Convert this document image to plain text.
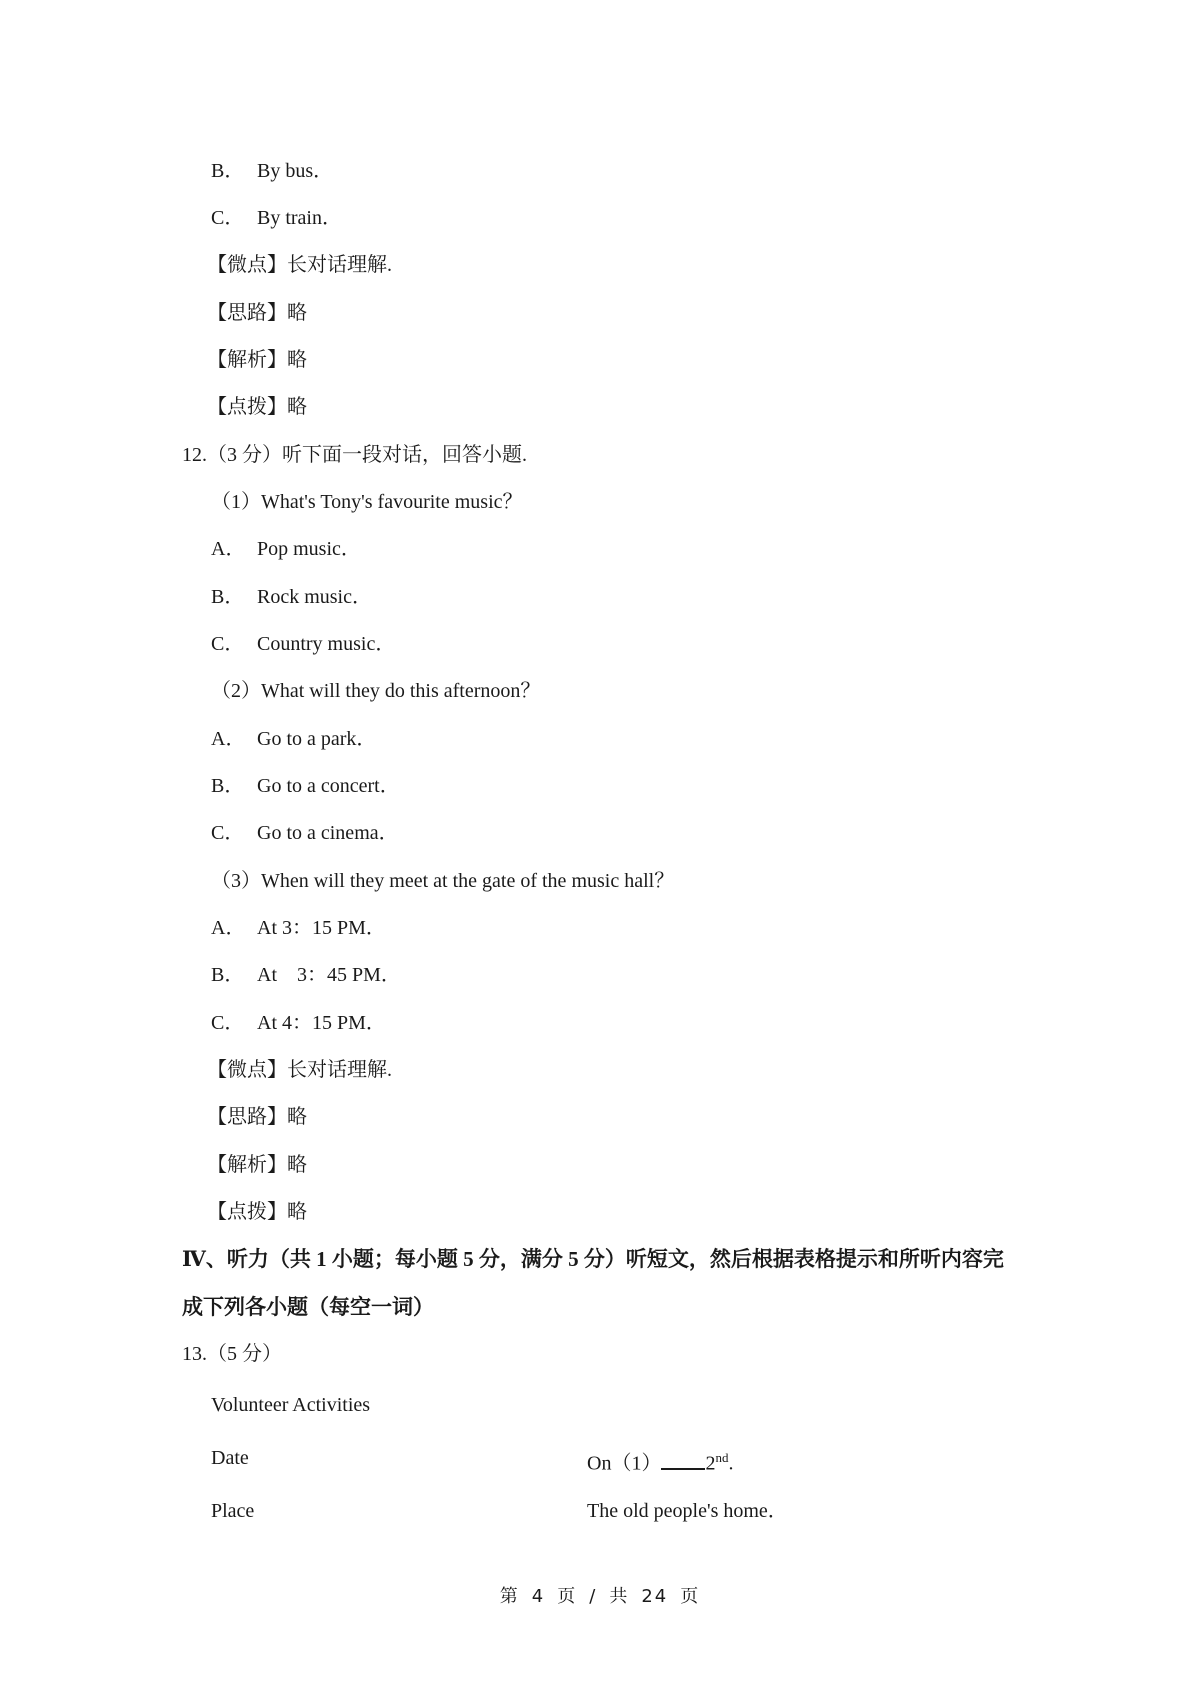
B． By bus．
C． By train．
【微点】长对话理解.
【思路】略
【解析】略
【点拨】略
12.（3 分）听下面一段对话，回答小题.
（1）What's Tony's favourite music？
A． Pop music．
B． Rock music．
C． Country music．
（2）What will they do this afternoon？
A． Go to a park．
B． Go to a concert．
C． Go to a cinema．
（3）When will they meet at the gate of the music hall？
A． At 3：15 PM．
B． At　3：45 PM．
C． At 4：15 PM．
【微点】长对话理解.
【思路】略
【解析】略
【点拨】略
Ⅳ、听力（共 1 小题；每小题 5 分，满分 5 分）听短文，然后根据表格提示和所听内容完
成下列各小题（每空一词）
13.（5 分）
Volunteer Activities
Date	On（1） 2nd.
Place	The old people's home．
第 4 页 / 共 24 页
